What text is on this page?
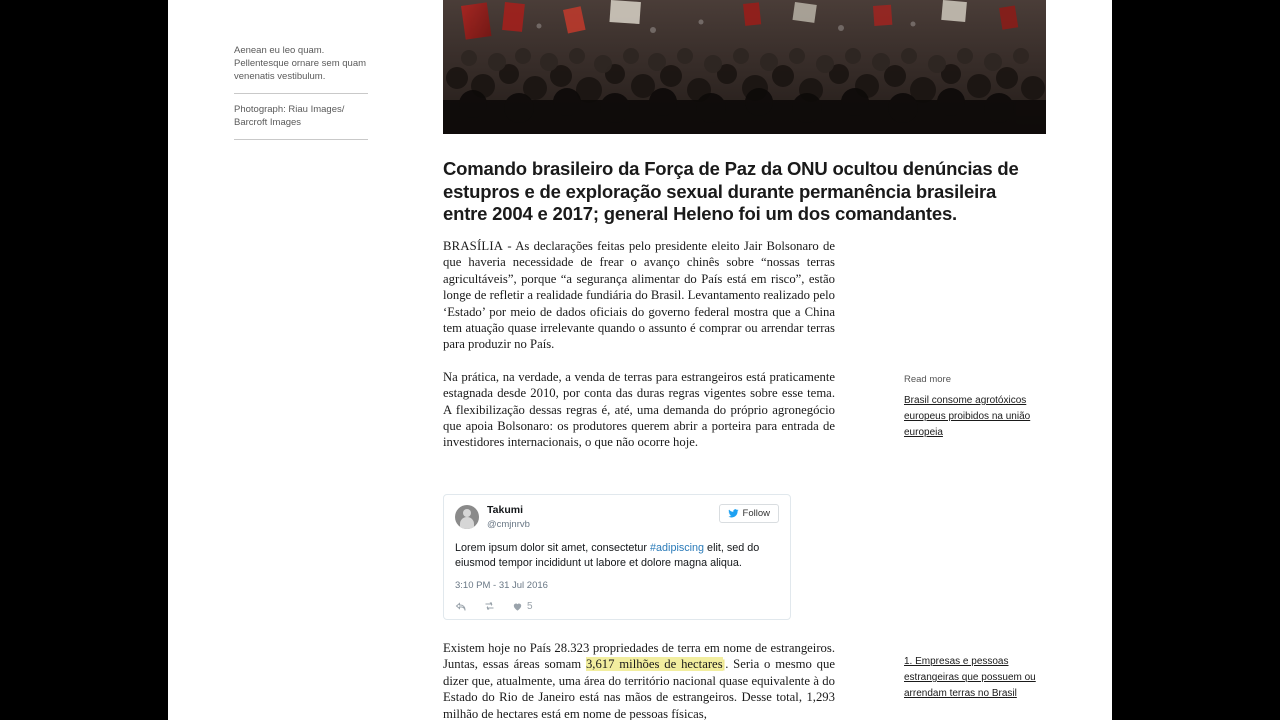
Aenean eu leo quam. Pellentesque ornare sem quam venenatis vestibulum.
Photograph: Riau Images/ Barcroft Images
Comando brasileiro da Força de Paz da ONU ocultou denúncias de estupros e de exploração sexual durante permanência brasileira entre 2004 e 2017; general Heleno foi um dos comandantes.

BRASÍLIA - As declarações feitas pelo presidente eleito Jair Bolsonaro de que haveria necessidade de frear o avanço chinês sobre “nossas terras agricultáveis”, porque “a segurança alimentar do País está em risco”, estão longe de refletir a realidade fundiária do Brasil. Levantamento realizado pelo ‘Estado’ por meio de dados oficiais do governo federal mostra que a China tem atuação quase irrelevante quando o assunto é comprar ou arrendar terras para produzir no País.

Na prática, na verdade, a venda de terras para estrangeiros está praticamente estagnada desde 2010, por conta das duras regras vigentes sobre esse tema. A flexibilização dessas regras é, até, uma demanda do próprio agronegócio que apoia Bolsonaro: os produtores querem abrir a porteira para entrada de investidores internacionais, o que não ocorre hoje.

Takumi
@cmjnrvb
Follow
Lorem ipsum dolor sit amet, consectetur #adipiscing elit, sed do eiusmod tempor incididunt ut labore et dolore magna aliqua.
3:10 PM - 31 Jul 2016
5

Existem hoje no País 28.323 propriedades de terra em nome de estrangeiros. Juntas, essas áreas somam 3,617 milhões de hectares|. Seria o mesmo que dizer que, atualmente, uma área do território nacional quase equivalente à do Estado do Rio de Janeiro está nas mãos de estrangeiros. Desse total, 1,293 milhão de hectares está em nome de pessoas físicas,

Read more
Brasil consome agrotóxicos europeus proibidos na união europeia
1. Empresas e pessoas estrangeiras que possuem ou arrendam terras no Brasil
